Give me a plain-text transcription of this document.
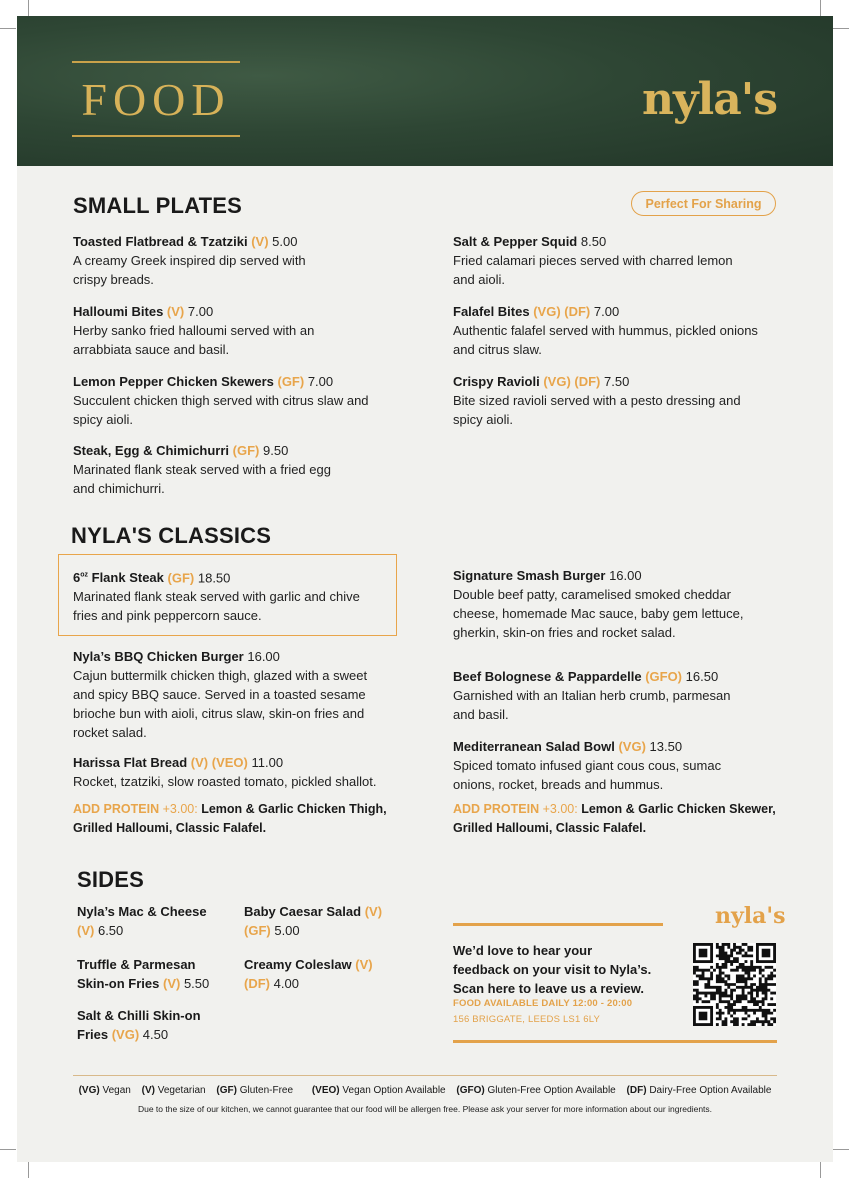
FOOD	nyla's
SMALL PLATES	Perfect For Sharing
Toasted Flatbread & Tzatziki (V) 5.00
A creamy Greek inspired dip served with
crispy breads.
Halloumi Bites (V) 7.00
Herby sanko fried halloumi served with an
arrabbiata sauce and basil.
Lemon Pepper Chicken Skewers (GF) 7.00
Succulent chicken thigh served with citrus slaw and
spicy aioli.
Steak, Egg & Chimichurri (GF) 9.50
Marinated flank steak served with a fried egg
and chimichurri.
Salt & Pepper Squid 8.50
Fried calamari pieces served with charred lemon
and aioli.
Falafel Bites (VG) (DF) 7.00
Authentic falafel served with hummus, pickled onions
and citrus slaw.
Crispy Ravioli (VG) (DF) 7.50
Bite sized ravioli served with a pesto dressing and
spicy aioli.
NYLA'S CLASSICS
$6^{oz}$ Flank Steak (GF) 18.50
Marinated flank steak served with garlic and chive
fries and pink peppercorn sauce.
Nyla’s BBQ Chicken Burger 16.00
Cajun buttermilk chicken thigh, glazed with a sweet
and spicy BBQ sauce. Served in a toasted sesame
brioche bun with aioli, citrus slaw, skin-on fries and
rocket salad.
Harissa Flat Bread (V) (VEO) 11.00
Rocket, tzatziki, slow roasted tomato, pickled shallot.
ADD PROTEIN +3.00: Lemon & Garlic Chicken Thigh,
Grilled Halloumi, Classic Falafel.
Signature Smash Burger 16.00
Double beef patty, caramelised smoked cheddar
cheese, homemade Mac sauce, baby gem lettuce,
gherkin, skin-on fries and rocket salad.
Beef Bolognese & Pappardelle (GFO) 16.50
Garnished with an Italian herb crumb, parmesan
and basil.
Mediterranean Salad Bowl (VG) 13.50
Spiced tomato infused giant cous cous, sumac
onions, rocket, breads and hummus.
ADD PROTEIN +3.00: Lemon & Garlic Chicken Skewer,
Grilled Halloumi, Classic Falafel.
SIDES
Nyla’s Mac & Cheese
(V) 6.50
Truffle & Parmesan
Skin-on Fries (V) 5.50
Salt & Chilli Skin-on
Fries (VG) 4.50
Baby Caesar Salad (V)
(GF) 5.00
Creamy Coleslaw (V)
(DF) 4.00
nyla's
We’d love to hear your
feedback on your visit to Nyla’s.
Scan here to leave us a review.
FOOD AVAILABLE DAILY 12:00 - 20:00
156 BRIGGATE, LEEDS LS1 6LY
(VG) Vegan (V) Vegetarian (GF) Gluten-Free (VEO) Vegan Option Available (GFO) Gluten-Free Option Available (DF) Dairy-Free Option Available
Due to the size of our kitchen, we cannot guarantee that our food will be allergen free. Please ask your server for more information about our ingredients.
